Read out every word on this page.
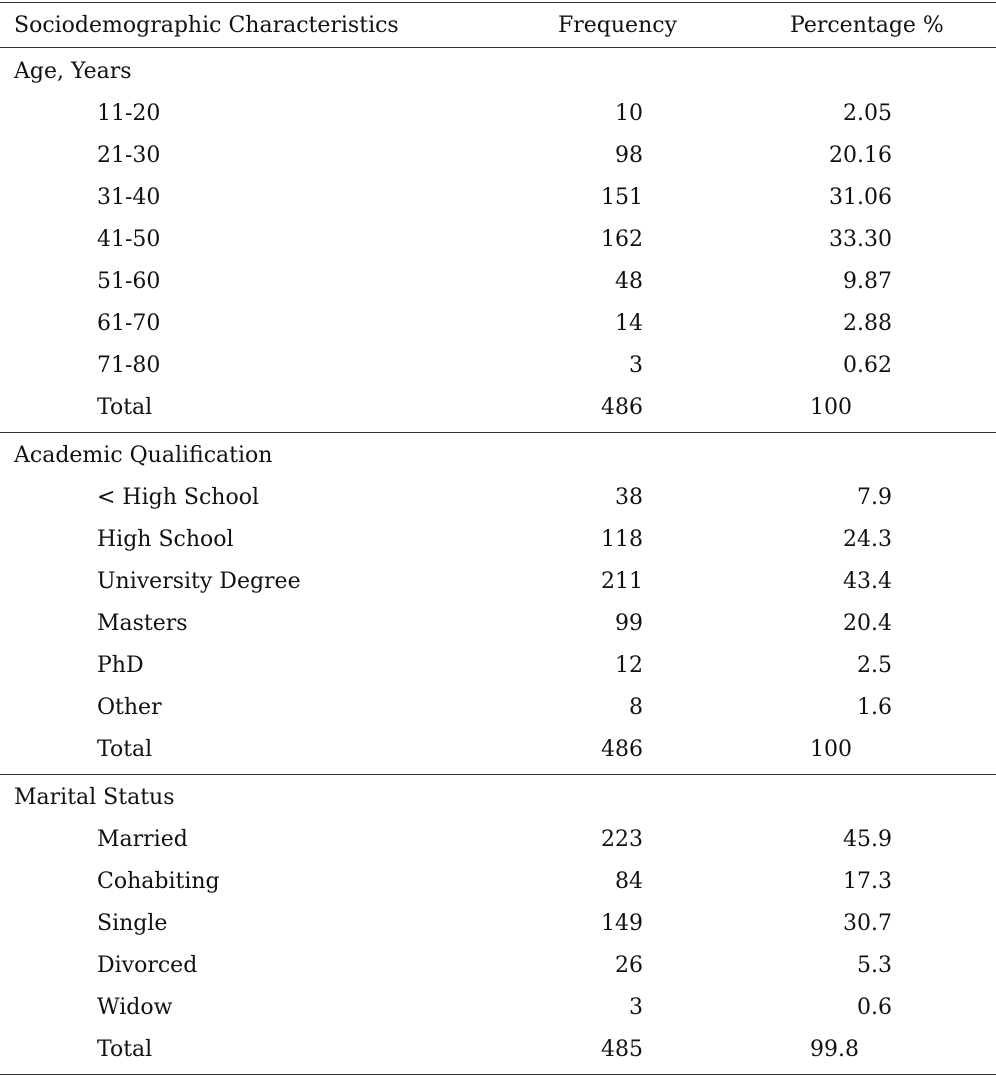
Sociodemographic Characteristics	Frequency	Percentage %
Age, Years
11-20	10	2.05
21-30	98	20.16
31-40	151	31.06
41-50	162	33.30
51-60	48	9.87
61-70	14	2.88
71-80	3	0.62
Total	486	100
Academic Qualification
< High School	38	7.9
High School	118	24.3
University Degree	211	43.4
Masters	99	20.4
PhD	12	2.5
Other	8	1.6
Total	486	100
Marital Status
Married	223	45.9
Cohabiting	84	17.3
Single	149	30.7
Divorced	26	5.3
Widow	3	0.6
Total	485	99.8
